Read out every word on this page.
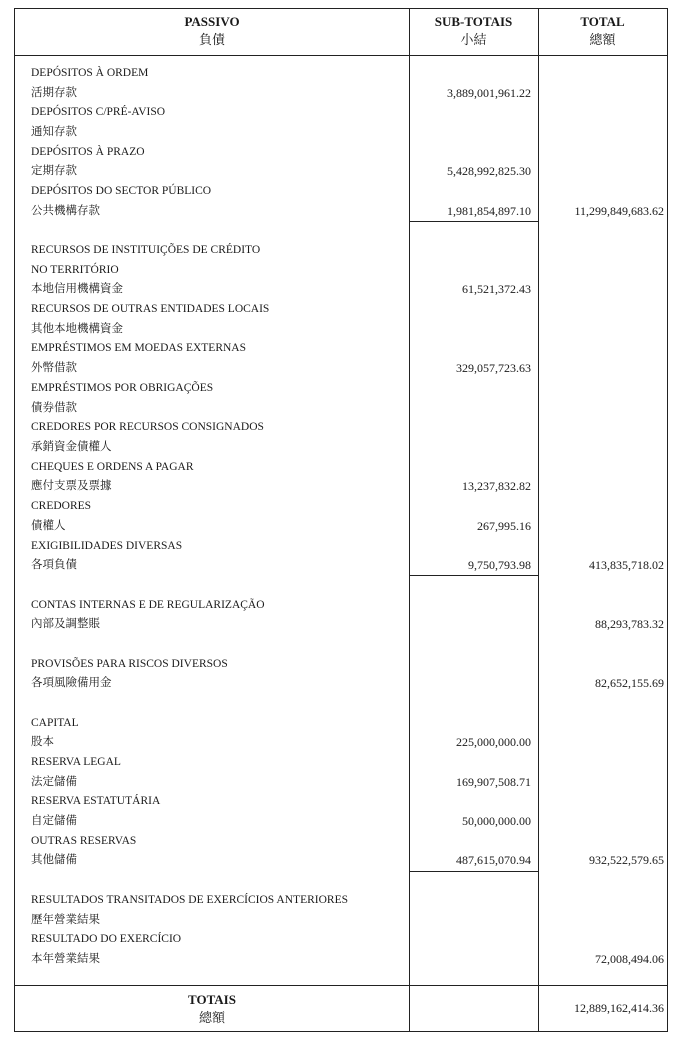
PASSIVO
負債
SUB-TOTAIS
小結
TOTAL
總額
DEPÓSITOS À ORDEM
活期存款
DEPÓSITOS C/PRÉ-AVISO
通知存款
DEPÓSITOS À PRAZO
定期存款
DEPÓSITOS DO SECTOR PÚBLICO
公共機構存款
RECURSOS DE INSTITUIÇÕES DE CRÉDITO
NO TERRITÓRIO
本地信用機構資金
RECURSOS DE OUTRAS ENTIDADES LOCAIS
其他本地機構資金
EMPRÉSTIMOS EM MOEDAS EXTERNAS
外幣借款
EMPRÉSTIMOS POR OBRIGAÇÕES
債券借款
CREDORES POR RECURSOS CONSIGNADOS
承銷資金債權人
CHEQUES E ORDENS A PAGAR
應付支票及票據
CREDORES
債權人
EXIGIBILIDADES DIVERSAS
各項負債
CONTAS INTERNAS E DE REGULARIZAÇÃO
內部及調整賬
PROVISÕES PARA RISCOS DIVERSOS
各項風險備用金
CAPITAL
股本
RESERVA LEGAL
法定儲備
RESERVA ESTATUTÁRIA
自定儲備
OUTRAS RESERVAS
其他儲備
RESULTADOS TRANSITADOS DE EXERCÍCIOS ANTERIORES
歷年營業結果
RESULTADO DO EXERCÍCIO
本年營業結果
3,889,001,961.22
5,428,992,825.30
1,981,854,897.10
61,521,372.43
329,057,723.63
13,237,832.82
267,995.16
9,750,793.98
225,000,000.00
169,907,508.71
50,000,000.00
487,615,070.94
11,299,849,683.62
413,835,718.02
88,293,783.32
82,652,155.69
932,522,579.65
72,008,494.06
TOTAIS
總額
12,889,162,414.36
